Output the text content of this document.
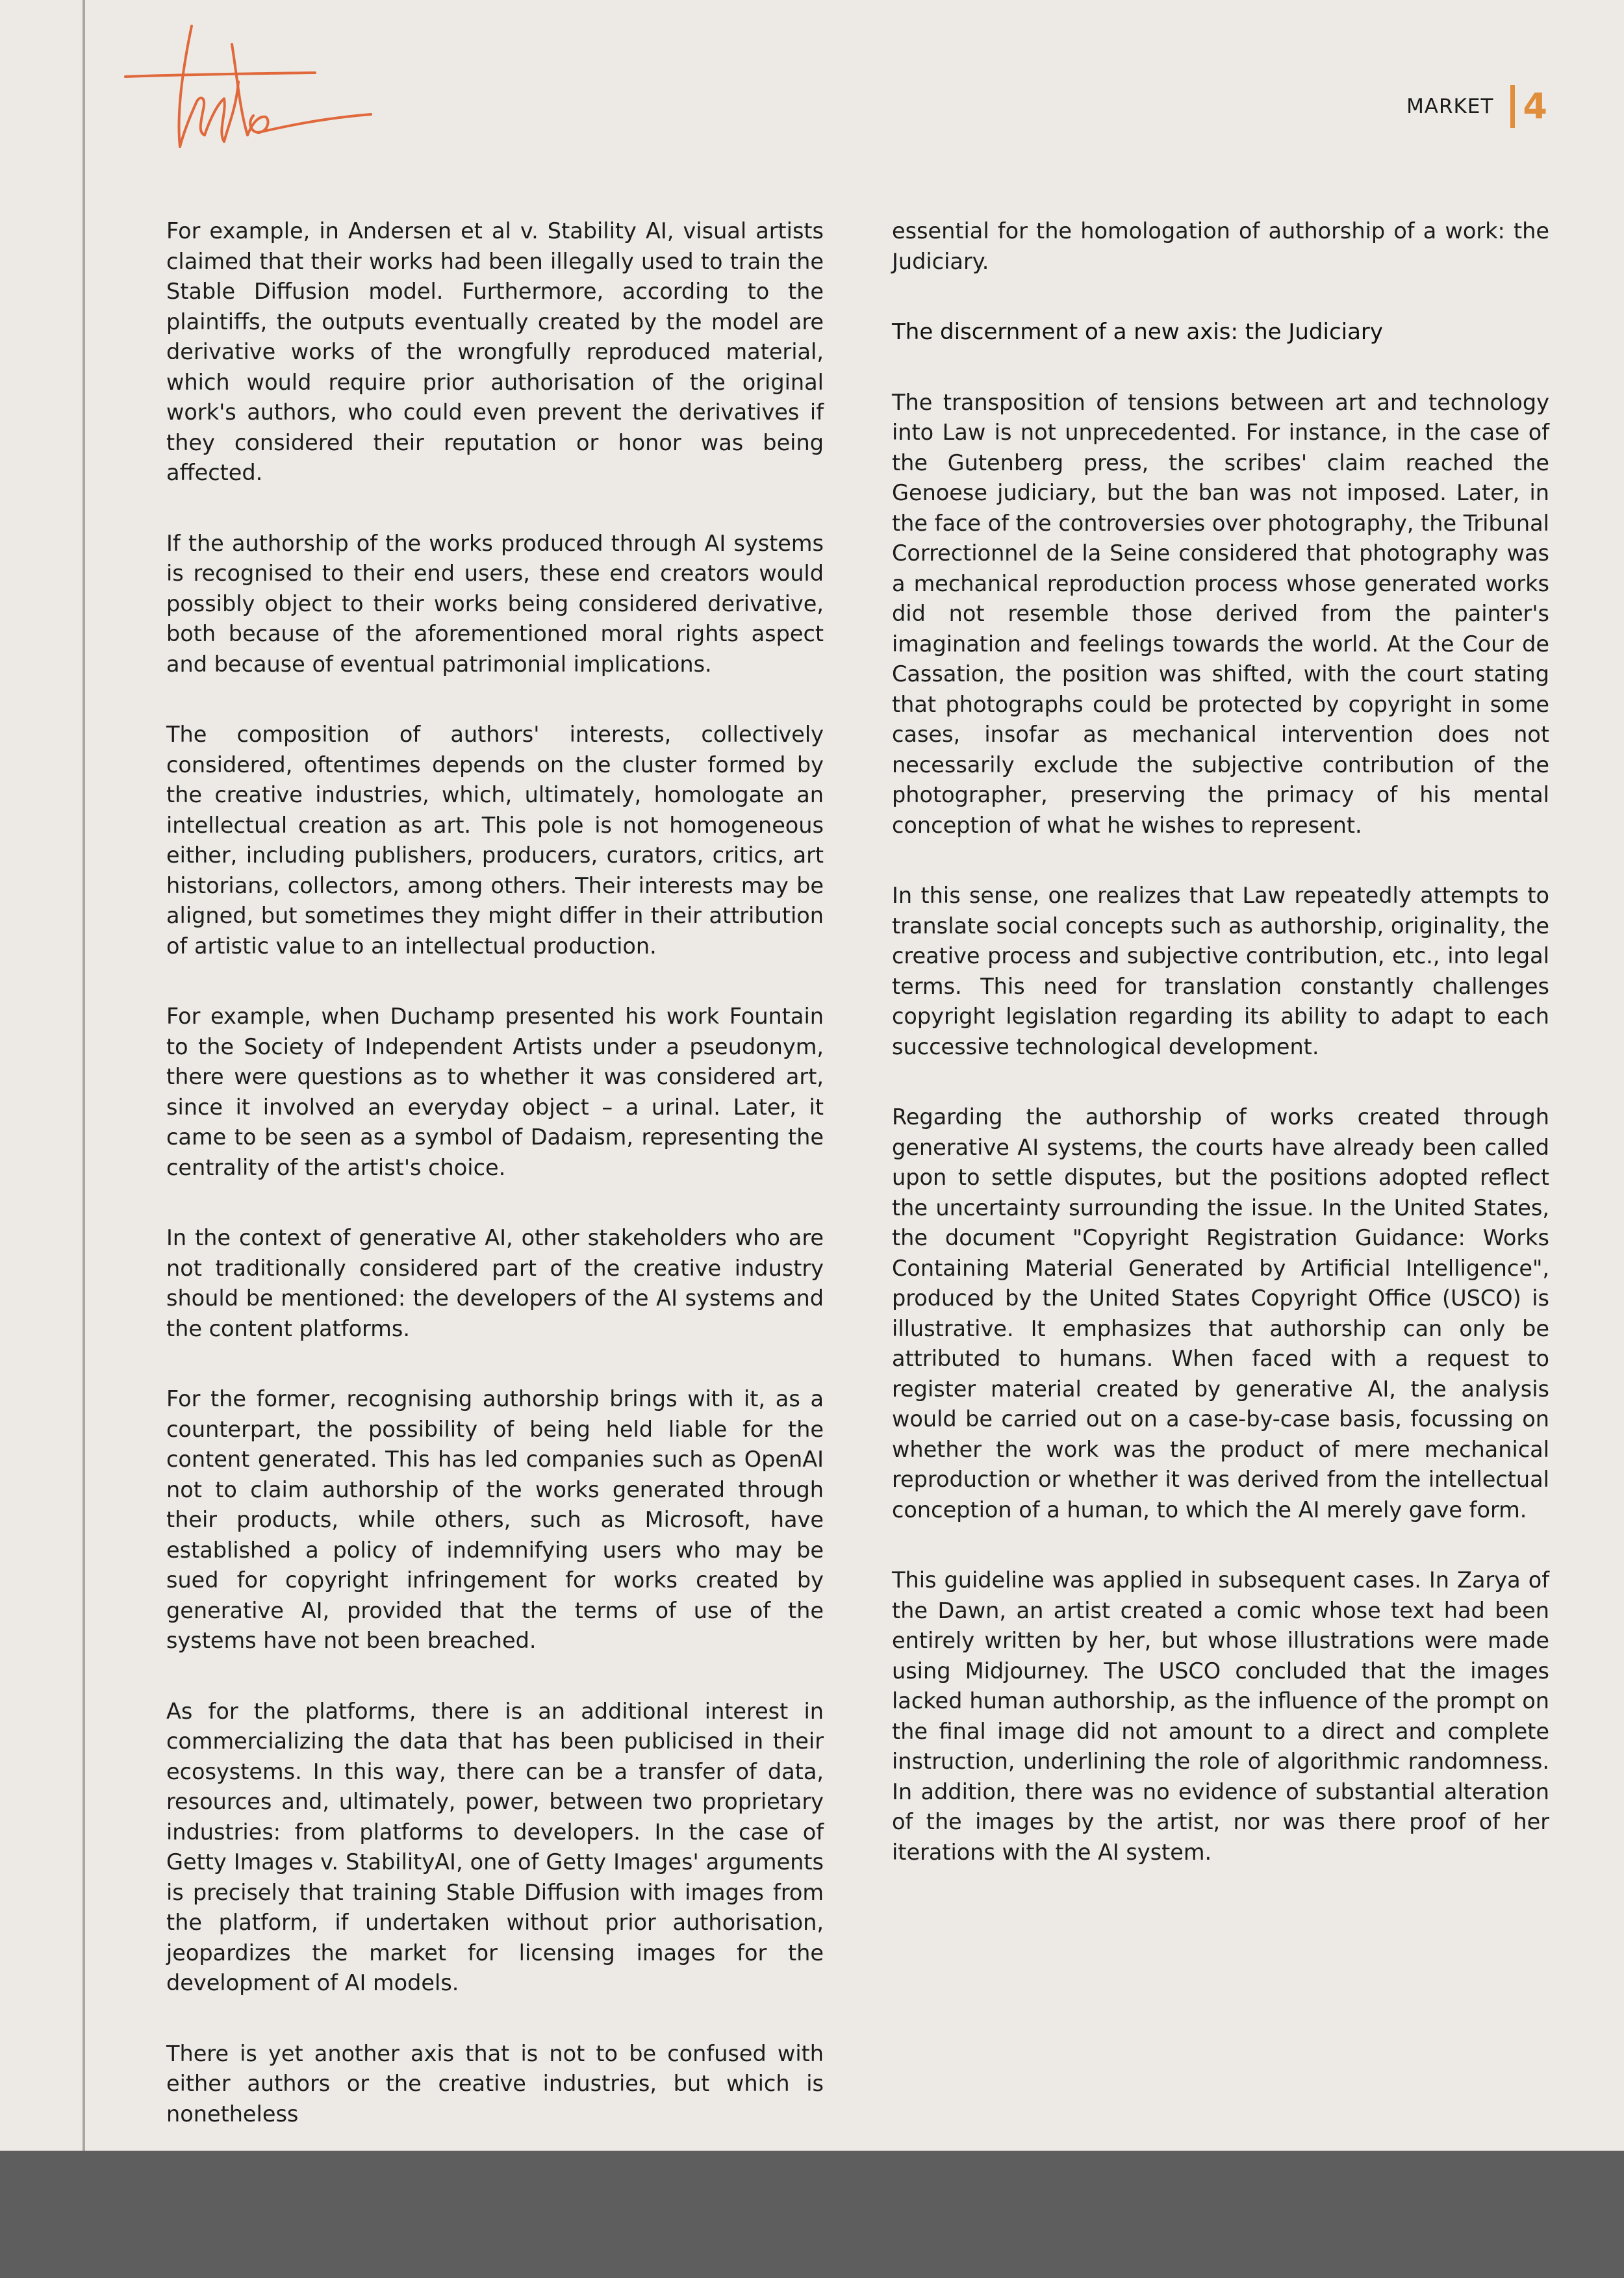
tato
MARKET 4

For example, in Andersen et al v. Stability AI, visual artists claimed that their works had been illegally used to train the Stable Diffusion model. Furthermore, according to the plaintiffs, the outputs eventually created by the model are derivative works of the wrongfully reproduced material, which would require prior authorisation of the original work's authors, who could even prevent the derivatives if they considered their reputation or honor was being affected.

If the authorship of the works produced through AI systems is recognised to their end users, these end creators would possibly object to their works being considered derivative, both because of the aforementioned moral rights aspect and because of eventual patrimonial implications.

The composition of authors' interests, collectively considered, oftentimes depends on the cluster formed by the creative industries, which, ultimately, homologate an intellectual creation as art. This pole is not homogeneous either, including publishers, producers, curators, critics, art historians, collectors, among others. Their interests may be aligned, but sometimes they might differ in their attribution of artistic value to an intellectual production.

For example, when Duchamp presented his work Fountain to the Society of Independent Artists under a pseudonym, there were questions as to whether it was considered art, since it involved an everyday object – a urinal. Later, it came to be seen as a symbol of Dadaism, representing the centrality of the artist's choice.

In the context of generative AI, other stakeholders who are not traditionally considered part of the creative industry should be mentioned: the developers of the AI systems and the content platforms.

For the former, recognising authorship brings with it, as a counterpart, the possibility of being held liable for the content generated. This has led companies such as OpenAI not to claim authorship of the works generated through their products, while others, such as Microsoft, have established a policy of indemnifying users who may be sued for copyright infringement for works created by generative AI, provided that the terms of use of the systems have not been breached.

As for the platforms, there is an additional interest in commercializing the data that has been publicised in their ecosystems. In this way, there can be a transfer of data, resources and, ultimately, power, between two proprietary industries: from platforms to developers. In the case of Getty Images v. StabilityAI, one of Getty Images' arguments is precisely that training Stable Diffusion with images from the platform, if undertaken without prior authorisation, jeopardizes the market for licensing images for the development of AI models.

There is yet another axis that is not to be confused with either authors or the creative industries, but which is nonetheless

essential for the homologation of authorship of a work: the Judiciary.

The discernment of a new axis: the Judiciary

The transposition of tensions between art and technology into Law is not unprecedented. For instance, in the case of the Gutenberg press, the scribes' claim reached the Genoese judiciary, but the ban was not imposed. Later, in the face of the controversies over photography, the Tribunal Correctionnel de la Seine considered that photography was a mechanical reproduction process whose generated works did not resemble those derived from the painter's imagination and feelings towards the world. At the Cour de Cassation, the position was shifted, with the court stating that photographs could be protected by copyright in some cases, insofar as mechanical intervention does not necessarily exclude the subjective contribution of the photographer, preserving the primacy of his mental conception of what he wishes to represent.

In this sense, one realizes that Law repeatedly attempts to translate social concepts such as authorship, originality, the creative process and subjective contribution, etc., into legal terms. This need for translation constantly challenges copyright legislation regarding its ability to adapt to each successive technological development.

Regarding the authorship of works created through generative AI systems, the courts have already been called upon to settle disputes, but the positions adopted reflect the uncertainty surrounding the issue. In the United States, the document "Copyright Registration Guidance: Works Containing Material Generated by Artificial Intelligence", produced by the United States Copyright Office (USCO) is illustrative. It emphasizes that authorship can only be attributed to humans. When faced with a request to register material created by generative AI, the analysis would be carried out on a case-by-case basis, focussing on whether the work was the product of mere mechanical reproduction or whether it was derived from the intellectual conception of a human, to which the AI merely gave form.

This guideline was applied in subsequent cases. In Zarya of the Dawn, an artist created a comic whose text had been entirely written by her, but whose illustrations were made using Midjourney. The USCO concluded that the images lacked human authorship, as the influence of the prompt on the final image did not amount to a direct and complete instruction, underlining the role of algorithmic randomness. In addition, there was no evidence of substantial alteration of the images by the artist, nor was there proof of her iterations with the AI system.
